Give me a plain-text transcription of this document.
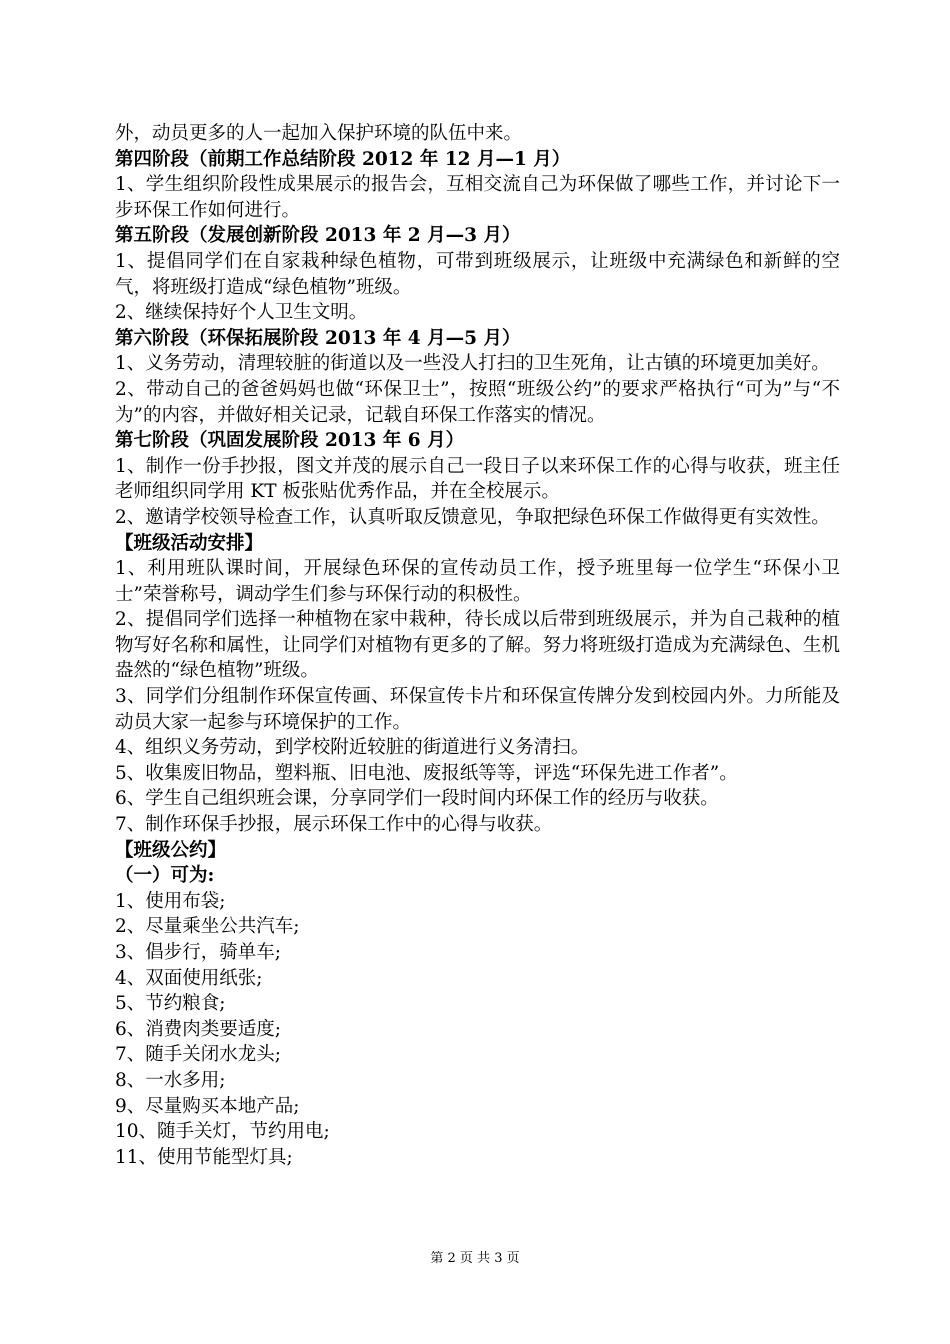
外，动员更多的人一起加入保护环境的队伍中来。

第四阶段（前期工作总结阶段 2012 年 12 月—1 月）

1、学生组织阶段性成果展示的报告会，互相交流自己为环保做了哪些工作，并讨论下一步环保工作如何进行。

第五阶段（发展创新阶段 2013 年 2 月—3 月）

1、提倡同学们在自家栽种绿色植物，可带到班级展示，让班级中充满绿色和新鲜的空气，将班级打造成“绿色植物”班级。

2、继续保持好个人卫生文明。

第六阶段（环保拓展阶段 2013 年 4 月—5 月）

1、义务劳动，清理较脏的街道以及一些没人打扫的卫生死角，让古镇的环境更加美好。

2、带动自己的爸爸妈妈也做“环保卫士”，按照“班级公约”的要求严格执行“可为”与“不为”的内容，并做好相关记录，记载自环保工作落实的情况。

第七阶段（巩固发展阶段 2013 年 6 月）

1、制作一份手抄报，图文并茂的展示自己一段日子以来环保工作的心得与收获，班主任老师组织同学用 KT 板张贴优秀作品，并在全校展示。

2、邀请学校领导检查工作，认真听取反馈意见，争取把绿色环保工作做得更有实效性。

【班级活动安排】

1、利用班队课时间，开展绿色环保的宣传动员工作，授予班里每一位学生“环保小卫士”荣誉称号，调动学生们参与环保行动的积极性。

2、提倡同学们选择一种植物在家中栽种，待长成以后带到班级展示，并为自己栽种的植物写好名称和属性，让同学们对植物有更多的了解。努力将班级打造成为充满绿色、生机盎然的“绿色植物”班级。

3、同学们分组制作环保宣传画、环保宣传卡片和环保宣传牌分发到校园内外。力所能及动员大家一起参与环境保护的工作。

4、组织义务劳动，到学校附近较脏的街道进行义务清扫。

5、收集废旧物品，塑料瓶、旧电池、废报纸等等，评选“环保先进工作者”。

6、学生自己组织班会课，分享同学们一段时间内环保工作的经历与收获。

7、制作环保手抄报，展示环保工作中的心得与收获。

【班级公约】

（一）可为:

1、使用布袋;

2、尽量乘坐公共汽车;

3、倡步行，骑单车;

4、双面使用纸张;

5、节约粮食;

6、消费肉类要适度;

7、随手关闭水龙头;

8、一水多用;

9、尽量购买本地产品;

10、随手关灯，节约用电;

11、使用节能型灯具;

第 2 页 共 3 页
